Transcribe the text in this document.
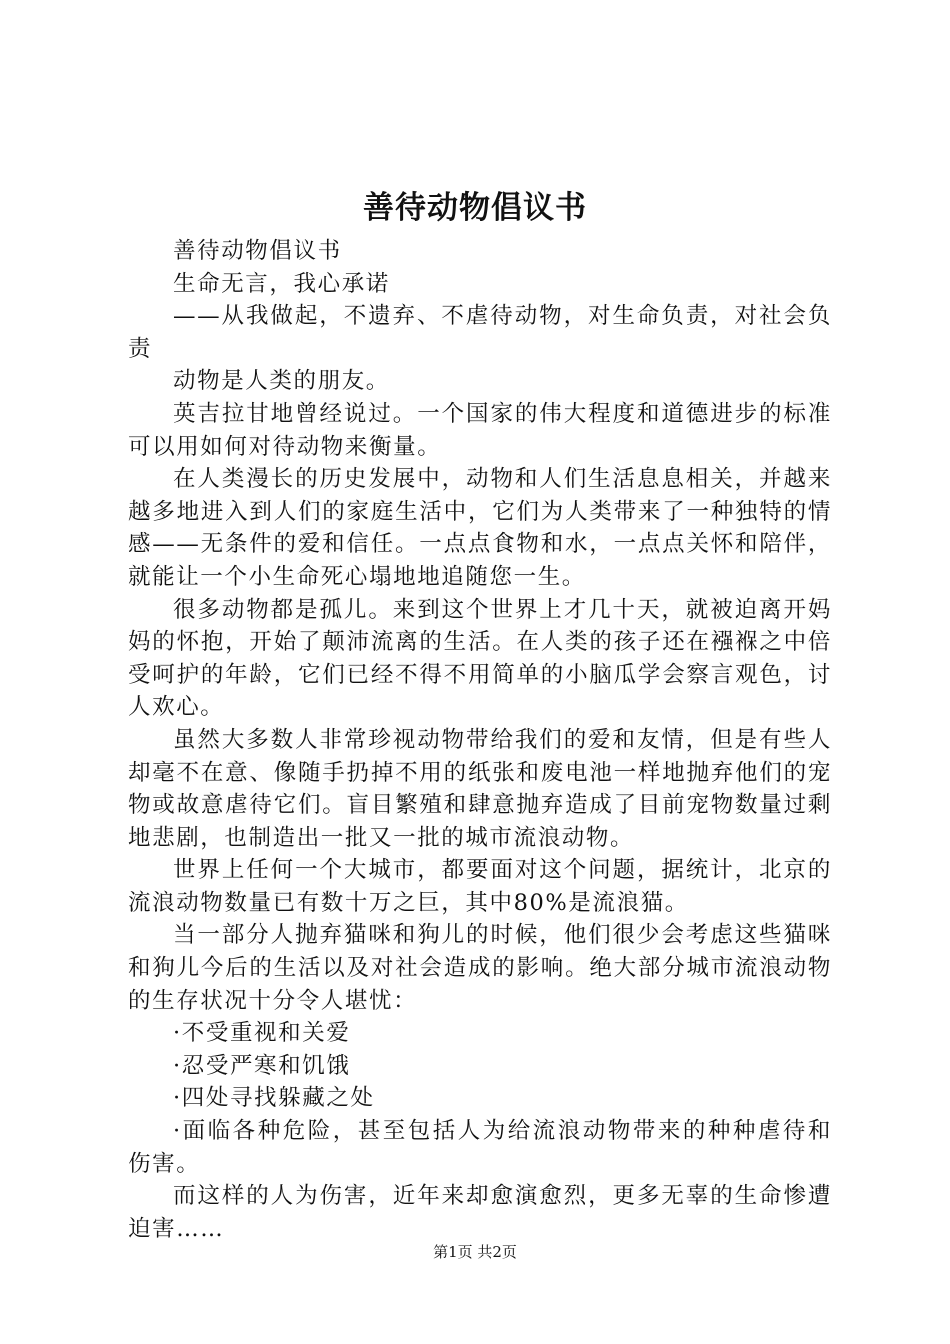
善待动物倡议书

善待动物倡议书

生命无言，我心承诺

——从我做起，不遗弃、不虐待动物，对生命负责，对社会负责

动物是人类的朋友。

英吉拉甘地曾经说过。一个国家的伟大程度和道德进步的标准可以用如何对待动物来衡量。

在人类漫长的历史发展中，动物和人们生活息息相关，并越来越多地进入到人们的家庭生活中，它们为人类带来了一种独特的情感——无条件的爱和信任。一点点食物和水，一点点关怀和陪伴，就能让一个小生命死心塌地地追随您一生。

很多动物都是孤儿。来到这个世界上才几十天，就被迫离开妈妈的怀抱，开始了颠沛流离的生活。在人类的孩子还在襁褓之中倍受呵护的年龄，它们已经不得不用简单的小脑瓜学会察言观色，讨人欢心。

虽然大多数人非常珍视动物带给我们的爱和友情，但是有些人却毫不在意、像随手扔掉不用的纸张和废电池一样地抛弃他们的宠物或故意虐待它们。盲目繁殖和肆意抛弃造成了目前宠物数量过剩地悲剧，也制造出一批又一批的城市流浪动物。

世界上任何一个大城市，都要面对这个问题，据统计，北京的流浪动物数量已有数十万之巨，其中80%是流浪猫。

当一部分人抛弃猫咪和狗儿的时候，他们很少会考虑这些猫咪和狗儿今后的生活以及对社会造成的影响。绝大部分城市流浪动物的生存状况十分令人堪忧：

·不受重视和关爱

·忍受严寒和饥饿

·四处寻找躲藏之处

·面临各种危险，甚至包括人为给流浪动物带来的种种虐待和伤害。

而这样的人为伤害，近年来却愈演愈烈，更多无辜的生命惨遭迫害……

第1页 共2页
